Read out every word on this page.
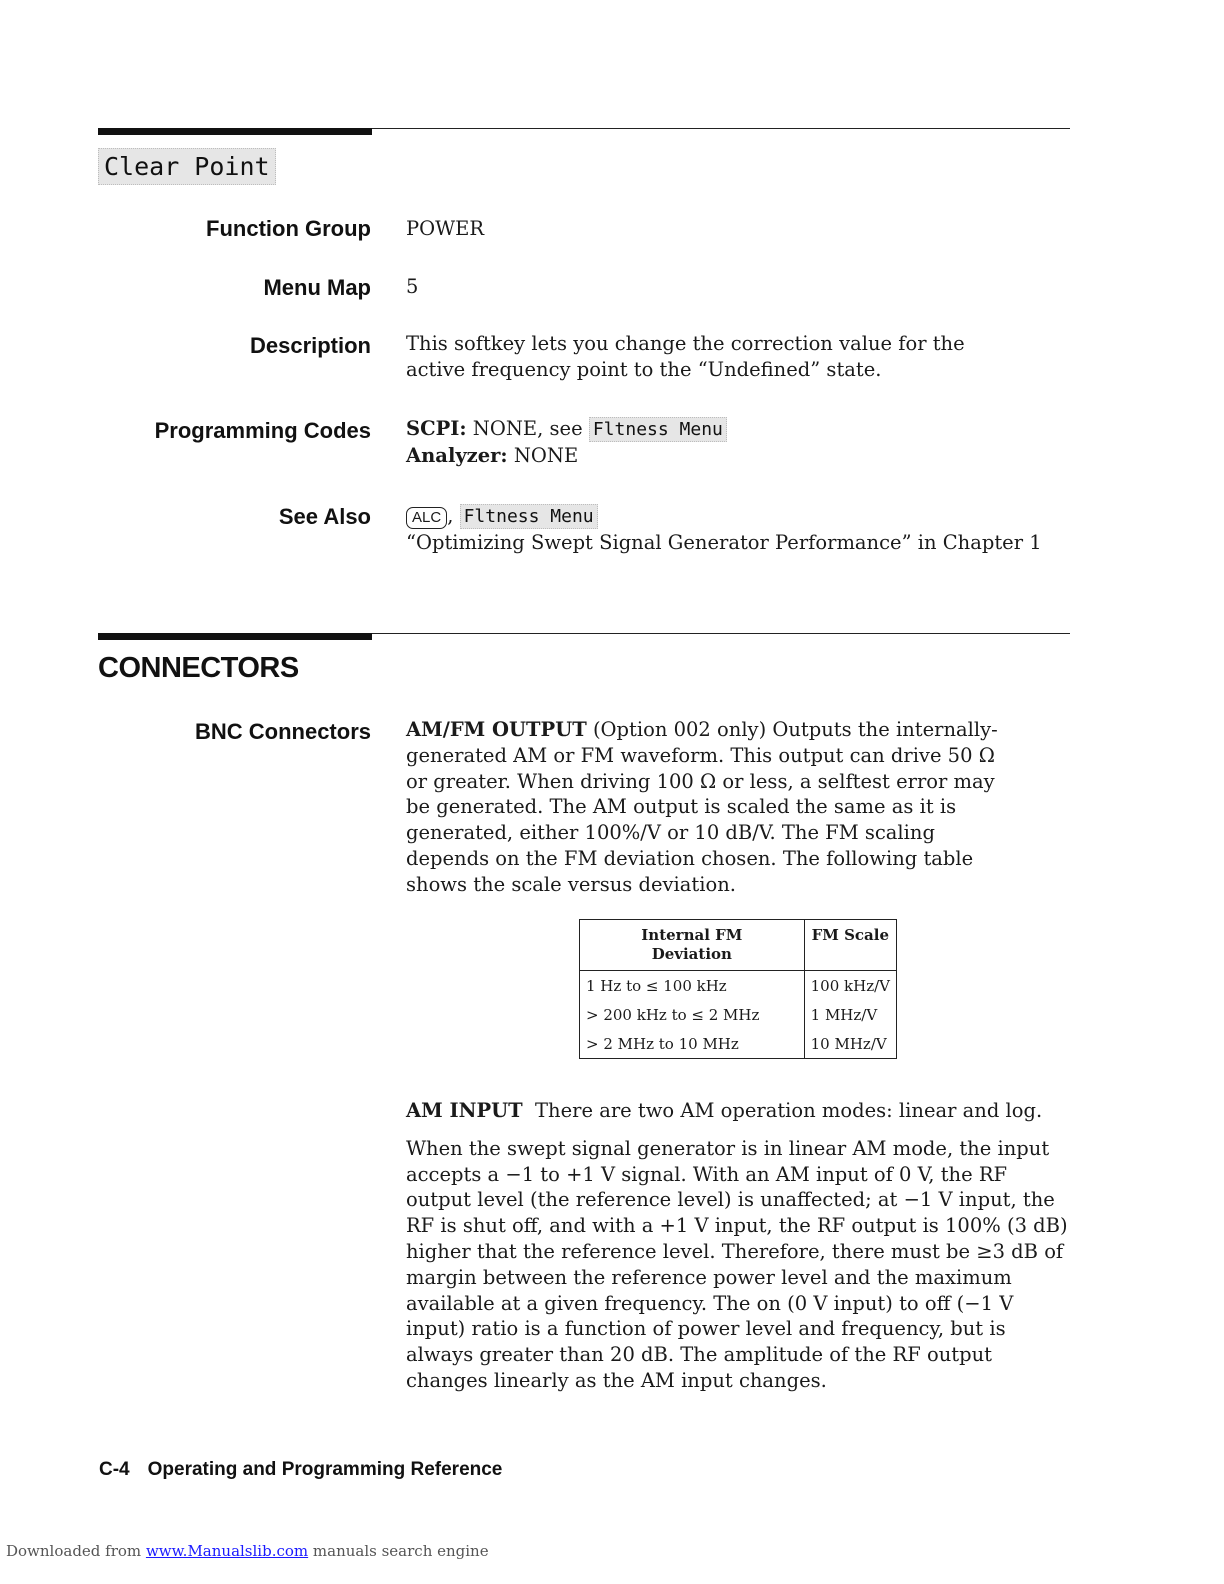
Clear Point
Function Group POWER
Menu Map 5
Description This softkey lets you change the correction value for the active frequency point to the “Undefined” state.

Programming Codes SCPI: NONE, see Fltness Menu

Analyzer: NONE

See Also	ALC , Fltness Menu

“Optimizing Swept Signal Generator Performance” in Chapter 1

CONNECTORS
BNC Connectors AM/FM OUTPUT (Option 002 only) Outputs the internally-generated AM or FM waveform. This output can drive 50 Ω or greater. When driving 100 Ω or less, a selftest error may be generated. The AM output is scaled the same as it is generated, either 100%/V or 10 dB/V. The FM scaling depends on the FM deviation chosen. The following table shows the scale versus deviation.

Internal FM Deviation	FM Scale
1 Hz to ≤ 100 kHz	100 kHz/V
> 200 kHz to ≤ 2 MHz	1 MHz/V
> 2 MHz to 10 MHz	10 MHz/V

AM INPUT There are two AM operation modes: linear and log.

When the swept signal generator is in linear AM mode, the input accepts a −1 to +1 V signal. With an AM input of 0 V, the RF output level (the reference level) is unaffected; at −1 V input, the RF is shut off, and with a +1 V input, the RF output is 100% (3 dB) higher that the reference level. Therefore, there must be ≥3 dB of margin between the reference power level and the maximum available at a given frequency. The on (0 V input) to off (−1 V input) ratio is a function of power level and frequency, but is always greater than 20 dB. The amplitude of the RF output changes linearly as the AM input changes.

C-4 Operating and Programming Reference
Downloaded from www.Manualslib.com manuals search engine
